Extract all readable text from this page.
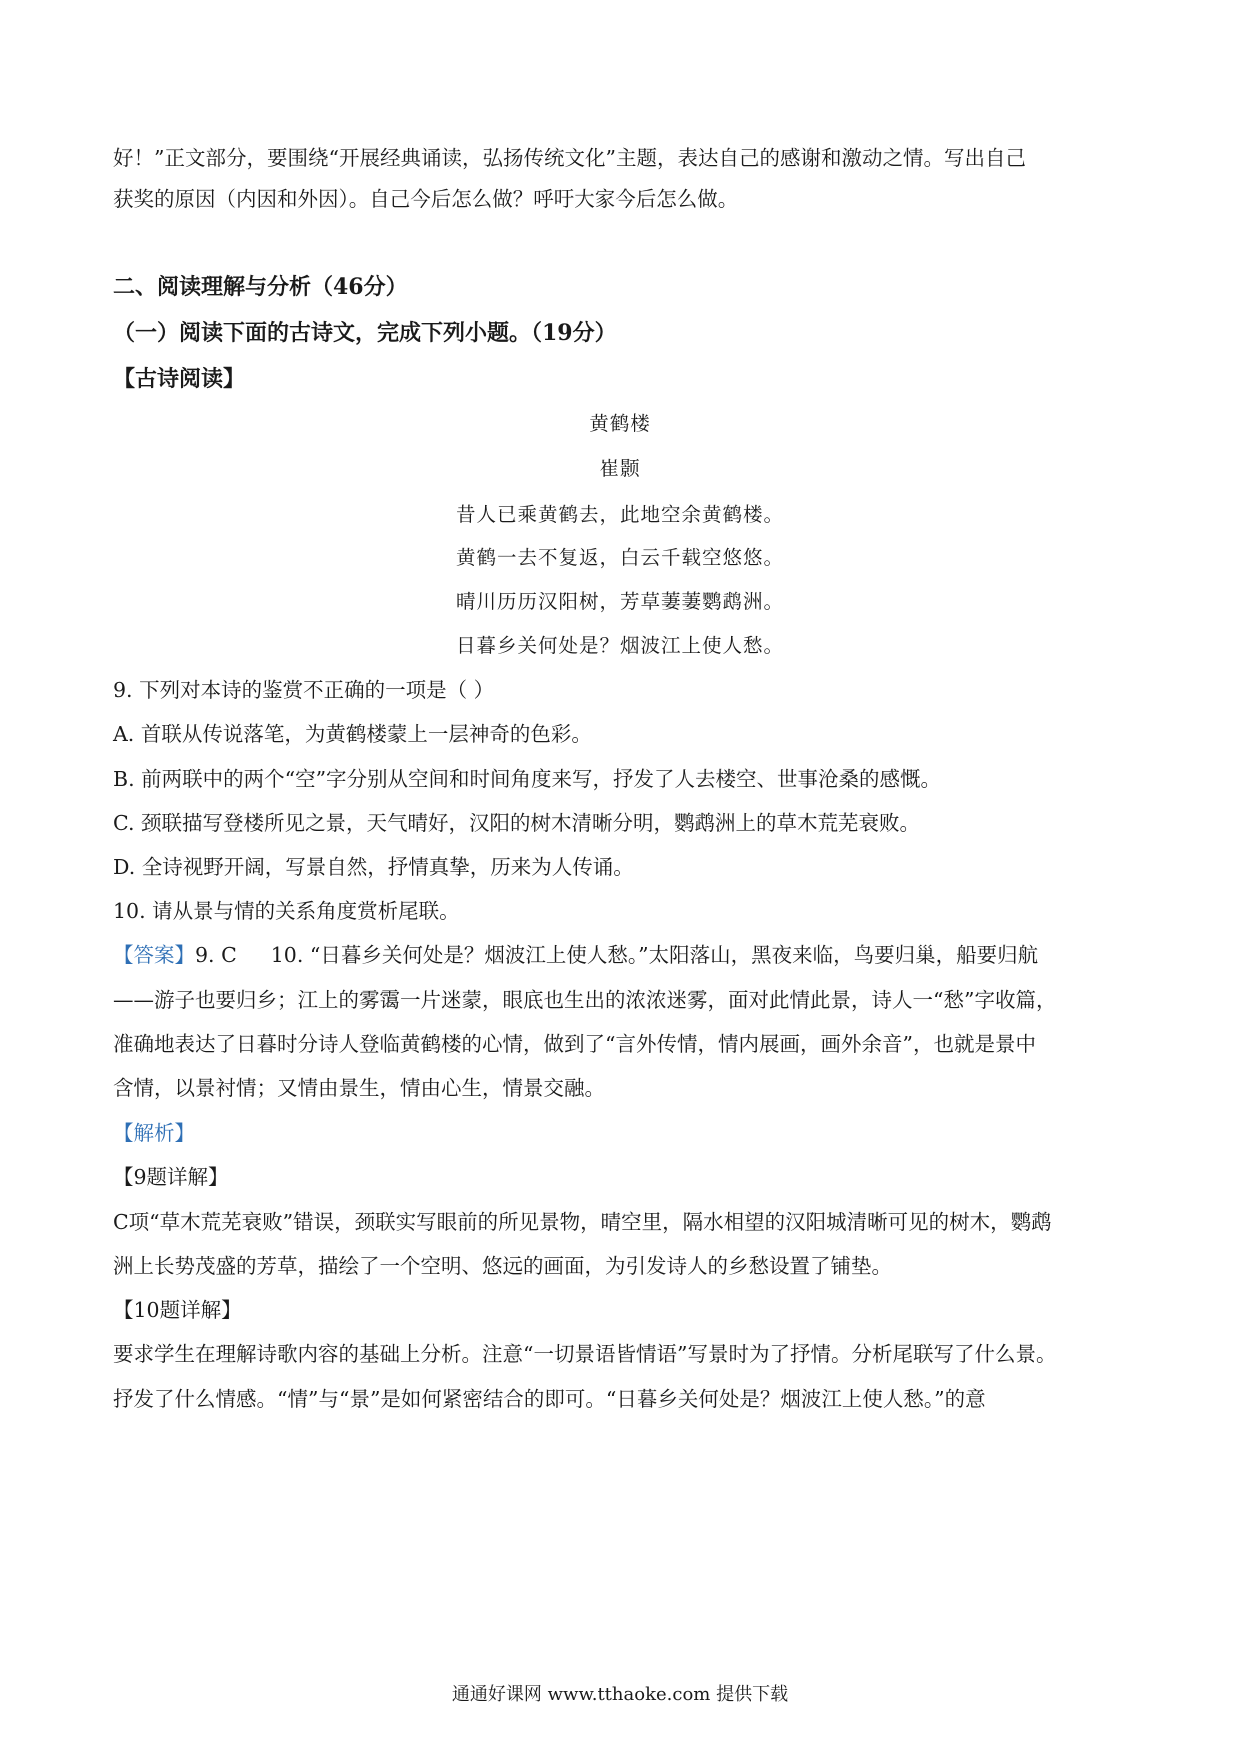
好！”正文部分，要围绕“开展经典诵读，弘扬传统文化”主题，表达自己的感谢和激动之情。写出自己
获奖的原因（内因和外因）。自己今后怎么做？呼吁大家今后怎么做。
二、阅读理解与分析（46分）
（一）阅读下面的古诗文，完成下列小题。（19分）
【古诗阅读】
黄鹤楼
崔颢
昔人已乘黄鹤去，此地空余黄鹤楼。
黄鹤一去不复返，白云千载空悠悠。
晴川历历汉阳树，芳草萋萋鹦鹉洲。
日暮乡关何处是？烟波江上使人愁。
9. 下列对本诗的鉴赏不正确的一项是（ ）
A. 首联从传说落笔，为黄鹤楼蒙上一层神奇的色彩。
B. 前两联中的两个“空”字分别从空间和时间角度来写，抒发了人去楼空、世事沧桑的感慨。
C. 颈联描写登楼所见之景，天气晴好，汉阳的树木清晰分明，鹦鹉洲上的草木荒芜衰败。
D. 全诗视野开阔，写景自然，抒情真挚，历来为人传诵。
10. 请从景与情的关系角度赏析尾联。
【答案】9. C 10. “日暮乡关何处是？烟波江上使人愁。”太阳落山，黑夜来临，鸟要归巢，船要归航
——游子也要归乡；江上的雾霭一片迷蒙，眼底也生出的浓浓迷雾，面对此情此景，诗人一“愁”字收篇，
准确地表达了日暮时分诗人登临黄鹤楼的心情，做到了“言外传情，情内展画，画外余音”，也就是景中
含情，以景衬情；又情由景生，情由心生，情景交融。
【解析】
【9题详解】
C项“草木荒芜衰败”错误，颈联实写眼前的所见景物，晴空里，隔水相望的汉阳城清晰可见的树木，鹦鹉
洲上长势茂盛的芳草，描绘了一个空明、悠远的画面，为引发诗人的乡愁设置了铺垫。
【10题详解】
要求学生在理解诗歌内容的基础上分析。注意“一切景语皆情语”写景时为了抒情。分析尾联写了什么景。
抒发了什么情感。“情”与“景”是如何紧密结合的即可。“日暮乡关何处是？烟波江上使人愁。”的意
通通好课网 www.tthaoke.com 提供下载
